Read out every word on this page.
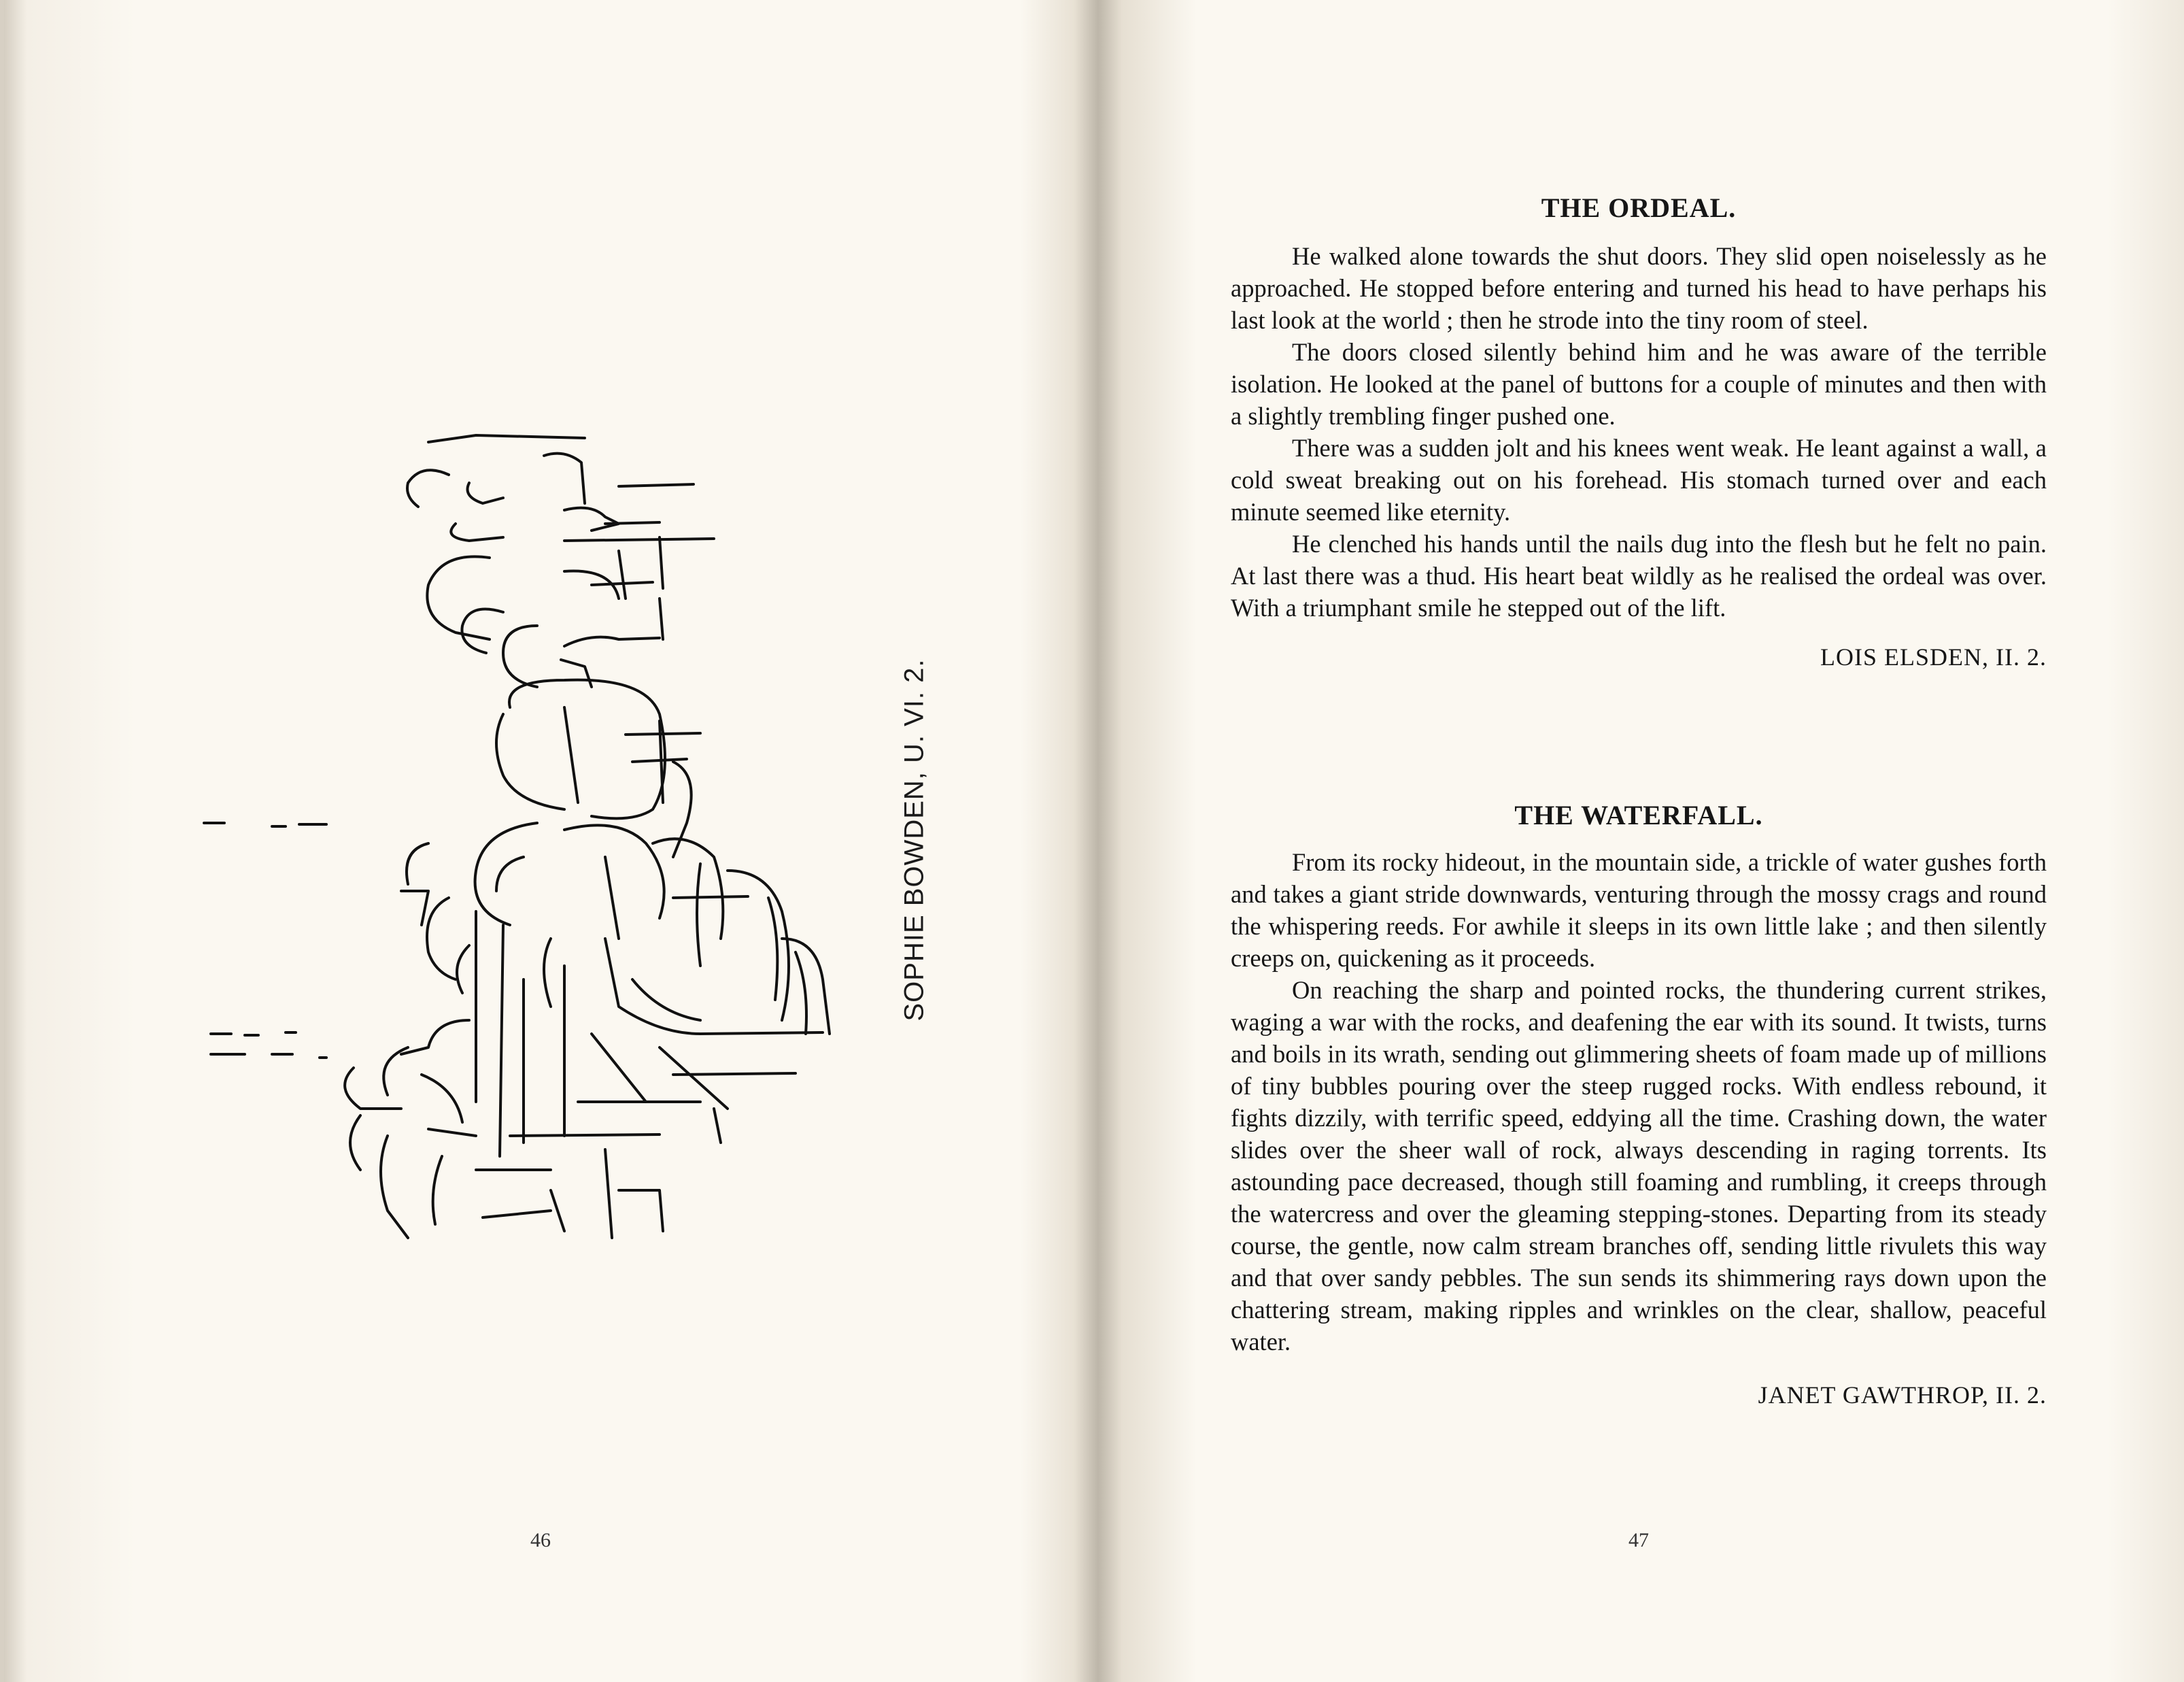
SOPHIE BOWDEN, U. VI. 2.
46
THE ORDEAL.

He walked alone towards the shut doors. They slid open noiselessly as he approached. He stopped before entering and turned his head to have perhaps his last look at the world ; then he strode into the tiny room of steel.

The doors closed silently behind him and he was aware of the terrible isolation. He looked at the panel of buttons for a couple of minutes and then with a slightly trembling finger pushed one.

There was a sudden jolt and his knees went weak. He leant against a wall, a cold sweat breaking out on his forehead. His stomach turned over and each minute seemed like eternity.

He clenched his hands until the nails dug into the flesh but he felt no pain. At last there was a thud. His heart beat wildly as he realised the ordeal was over. With a triumphant smile he stepped out of the lift.

LOIS ELSDEN, II. 2.

THE WATERFALL.

From its rocky hideout, in the mountain side, a trickle of water gushes forth and takes a giant stride downwards, venturing through the mossy crags and round the whispering reeds. For awhile it sleeps in its own little lake ; and then silently creeps on, quickening as it proceeds.

On reaching the sharp and pointed rocks, the thundering current strikes, waging a war with the rocks, and deafening the ear with its sound. It twists, turns and boils in its wrath, sending out glimmering sheets of foam made up of millions of tiny bubbles pouring over the steep rugged rocks. With endless rebound, it fights dizzily, with terrific speed, eddying all the time. Crashing down, the water slides over the sheer wall of rock, always descending in raging torrents. Its astounding pace decreased, though still foaming and rumbling, it creeps through the watercress and over the gleaming stepping-stones. Departing from its steady course, the gentle, now calm stream branches off, sending little rivulets this way and that over sandy pebbles. The sun sends its shimmering rays down upon the chattering stream, making ripples and wrinkles on the clear, shallow, peaceful water.

JANET GAWTHROP, II. 2.

47
